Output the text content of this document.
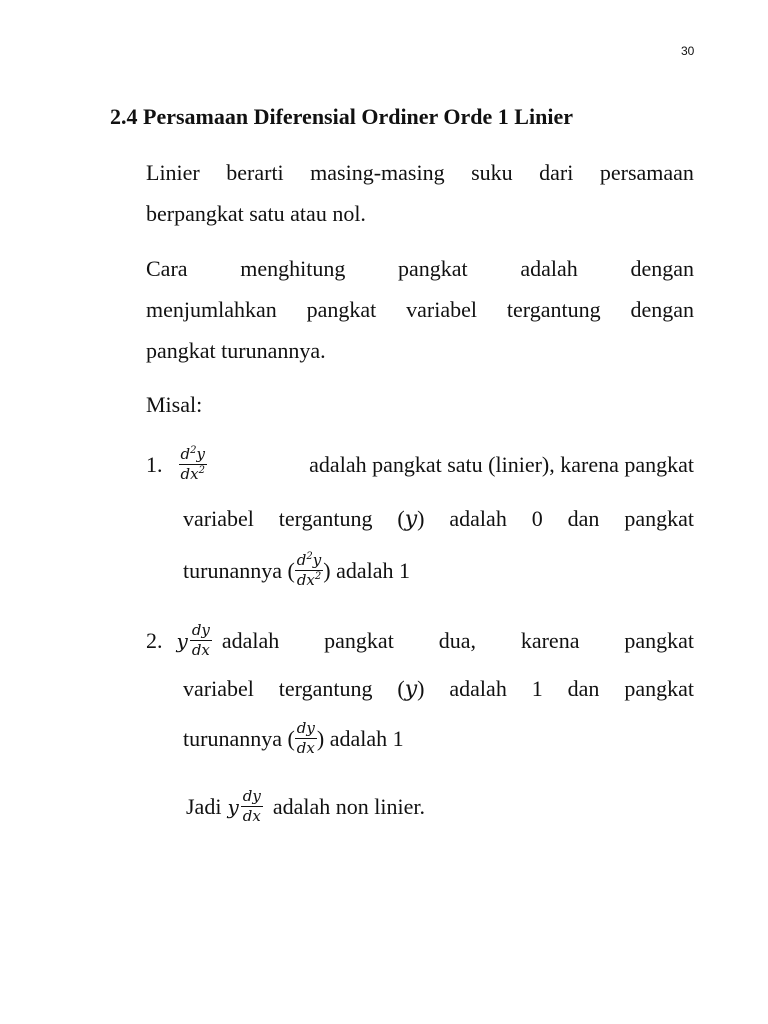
30
2.4 Persamaan Diferensial Ordiner Orde 1 Linier
Linier berarti masing-masing suku dari persamaan
berpangkat satu atau nol.
Cara menghitung pangkat adalah dengan
menjumlahkan pangkat variabel tergantung dengan
pangkat turunannya.
Misal:
1. $\frac{d^2y}{dx^2}$	adalah pangkat satu (linier), karena pangkat
variabel tergantung (𝑦) adalah 0 dan pangkat
turunannya ( $\frac{d^2y}{dx^2}$ ) adalah 1
2. y $\frac{dy}{dx}$ adalah pangkat dua, karena pangkat
variabel tergantung (𝑦) adalah 1 dan pangkat
turunannya ( $\frac{dy}{dx}$ ) adalah 1
Jadi y $\frac{dy}{dx}$ adalah non linier.
